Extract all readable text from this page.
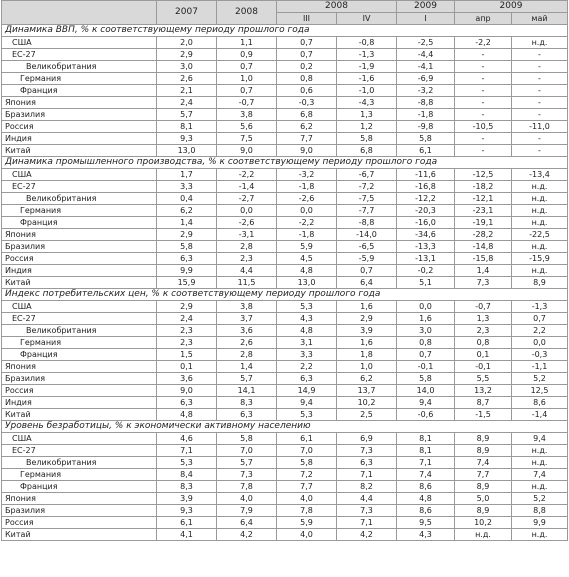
	2007	2008	2008		2009	2009	
			III	IV	I	апр	май
Динамика ВВП, % к соответствующему периоду прошлого года							
США	2,0	1,1	0,7	-0,8	-2,5	-2,2	н.д.
ЕС-27	2,9	0,9	0,7	-1,3	-4,4	-	-
Великобритания	3,0	0,7	0,2	-1,9	-4,1	-	-
Германия	2,6	1,0	0,8	-1,6	-6,9	-	-
Франция	2,1	0,7	0,6	-1,0	-3,2	-	-
Япония	2,4	-0,7	-0,3	-4,3	-8,8	-	-
Бразилия	5,7	3,8	6,8	1,3	-1,8	-	-
Россия	8,1	5,6	6,2	1,2	-9,8	-10,5	-11,0
Индия	9,3	7,5	7,7	5,8	5,8	-	-
Китай	13,0	9,0	9,0	6,8	6,1	-	-
Динамика промышленного производства, % к соответствующему периоду прошлого года							
США	1,7	-2,2	-3,2	-6,7	-11,6	-12,5	-13,4
ЕС-27	3,3	-1,4	-1,8	-7,2	-16,8	-18,2	н.д.
Великобритания	0,4	-2,7	-2,6	-7,5	-12,2	-12,1	н.д.
Германия	6,2	0,0	0,0	-7,7	-20,3	-23,1	н.д.
Франция	1,4	-2,6	-2,2	-8,8	-16,0	-19,1	н.д.
Япония	2,9	-3,1	-1,8	-14,0	-34,6	-28,2	-22,5
Бразилия	5,8	2,8	5,9	-6,5	-13,3	-14,8	н.д.
Россия	6,3	2,3	4,5	-5,9	-13,1	-15,8	-15,9
Индия	9,9	4,4	4,8	0,7	-0,2	1,4	н.д.
Китай	15,9	11,5	13,0	6,4	5,1	7,3	8,9
Индекс потребительских цен, % к соответствующему периоду прошлого года							
США	2,9	3,8	5,3	1,6	0,0	-0,7	-1,3
ЕС-27	2,4	3,7	4,3	2,9	1,6	1,3	0,7
Великобритания	2,3	3,6	4,8	3,9	3,0	2,3	2,2
Германия	2,3	2,6	3,1	1,6	0,8	0,8	0,0
Франция	1,5	2,8	3,3	1,8	0,7	0,1	-0,3
Япония	0,1	1,4	2,2	1,0	-0,1	-0,1	-1,1
Бразилия	3,6	5,7	6,3	6,2	5,8	5,5	5,2
Россия	9,0	14,1	14,9	13,7	14,0	13,2	12,5
Индия	6,3	8,3	9,4	10,2	9,4	8,7	8,6
Китай	4,8	6,3	5,3	2,5	-0,6	-1,5	-1,4
Уровень безработицы, % к экономически активному населению							
США	4,6	5,8	6,1	6,9	8,1	8,9	9,4
ЕС-27	7,1	7,0	7,0	7,3	8,1	8,9	н.д.
Великобритания	5,3	5,7	5,8	6,3	7,1	7,4	н.д.
Германия	8,4	7,3	7,2	7,1	7,4	7,7	7,4
Франция	8,3	7,8	7,7	8,2	8,6	8,9	н.д.
Япония	3,9	4,0	4,0	4,4	4,8	5,0	5,2
Бразилия	9,3	7,9	7,8	7,3	8,6	8,9	8,8
Россия	6,1	6,4	5,9	7,1	9,5	10,2	9,9
Китай	4,1	4,2	4,0	4,2	4,3	н.д.	н.д.
